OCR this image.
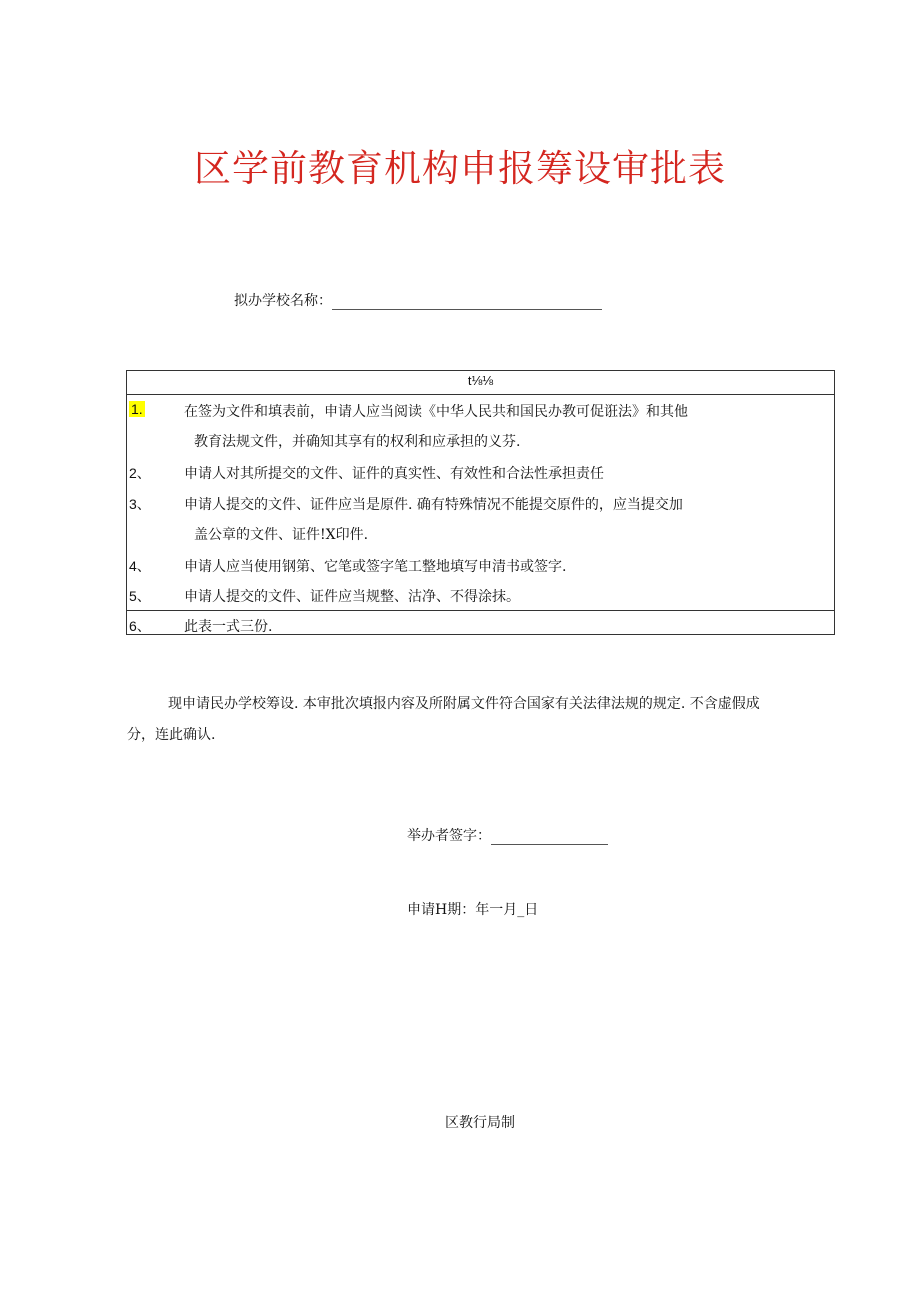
区学前教育机构申报筹设审批表
拟办学校名称：
t⅛⅛
1.	在签为文件和填表前，申请人应当阅读《中华人民共和国民办教可促诳法》和其他
教育法规文件，并确知其享有的权利和应承担的义芬.
2、 申请人对其所提交的文件、证件的真实性、有效性和合法性承担责任
3、 申请人提交的文件、证件应当是原件. 确有特殊情况不能提交原件的，应当提交加
盖公章的文件、证件!X印件.
4、 申请人应当使用钢第、它笔或签字笔工整地填写申清书或签字.
5、 申请人提交的文件、证件应当规整、沽净、不得涂抹。
6、 此表一式三份.
现申请民办学校筹设. 本审批次填报内容及所附属文件符合国家有关法律法规的规定. 不含虚假成
分，连此确认.
举办者签字：
申请H期：年一月_日
区教行局制
